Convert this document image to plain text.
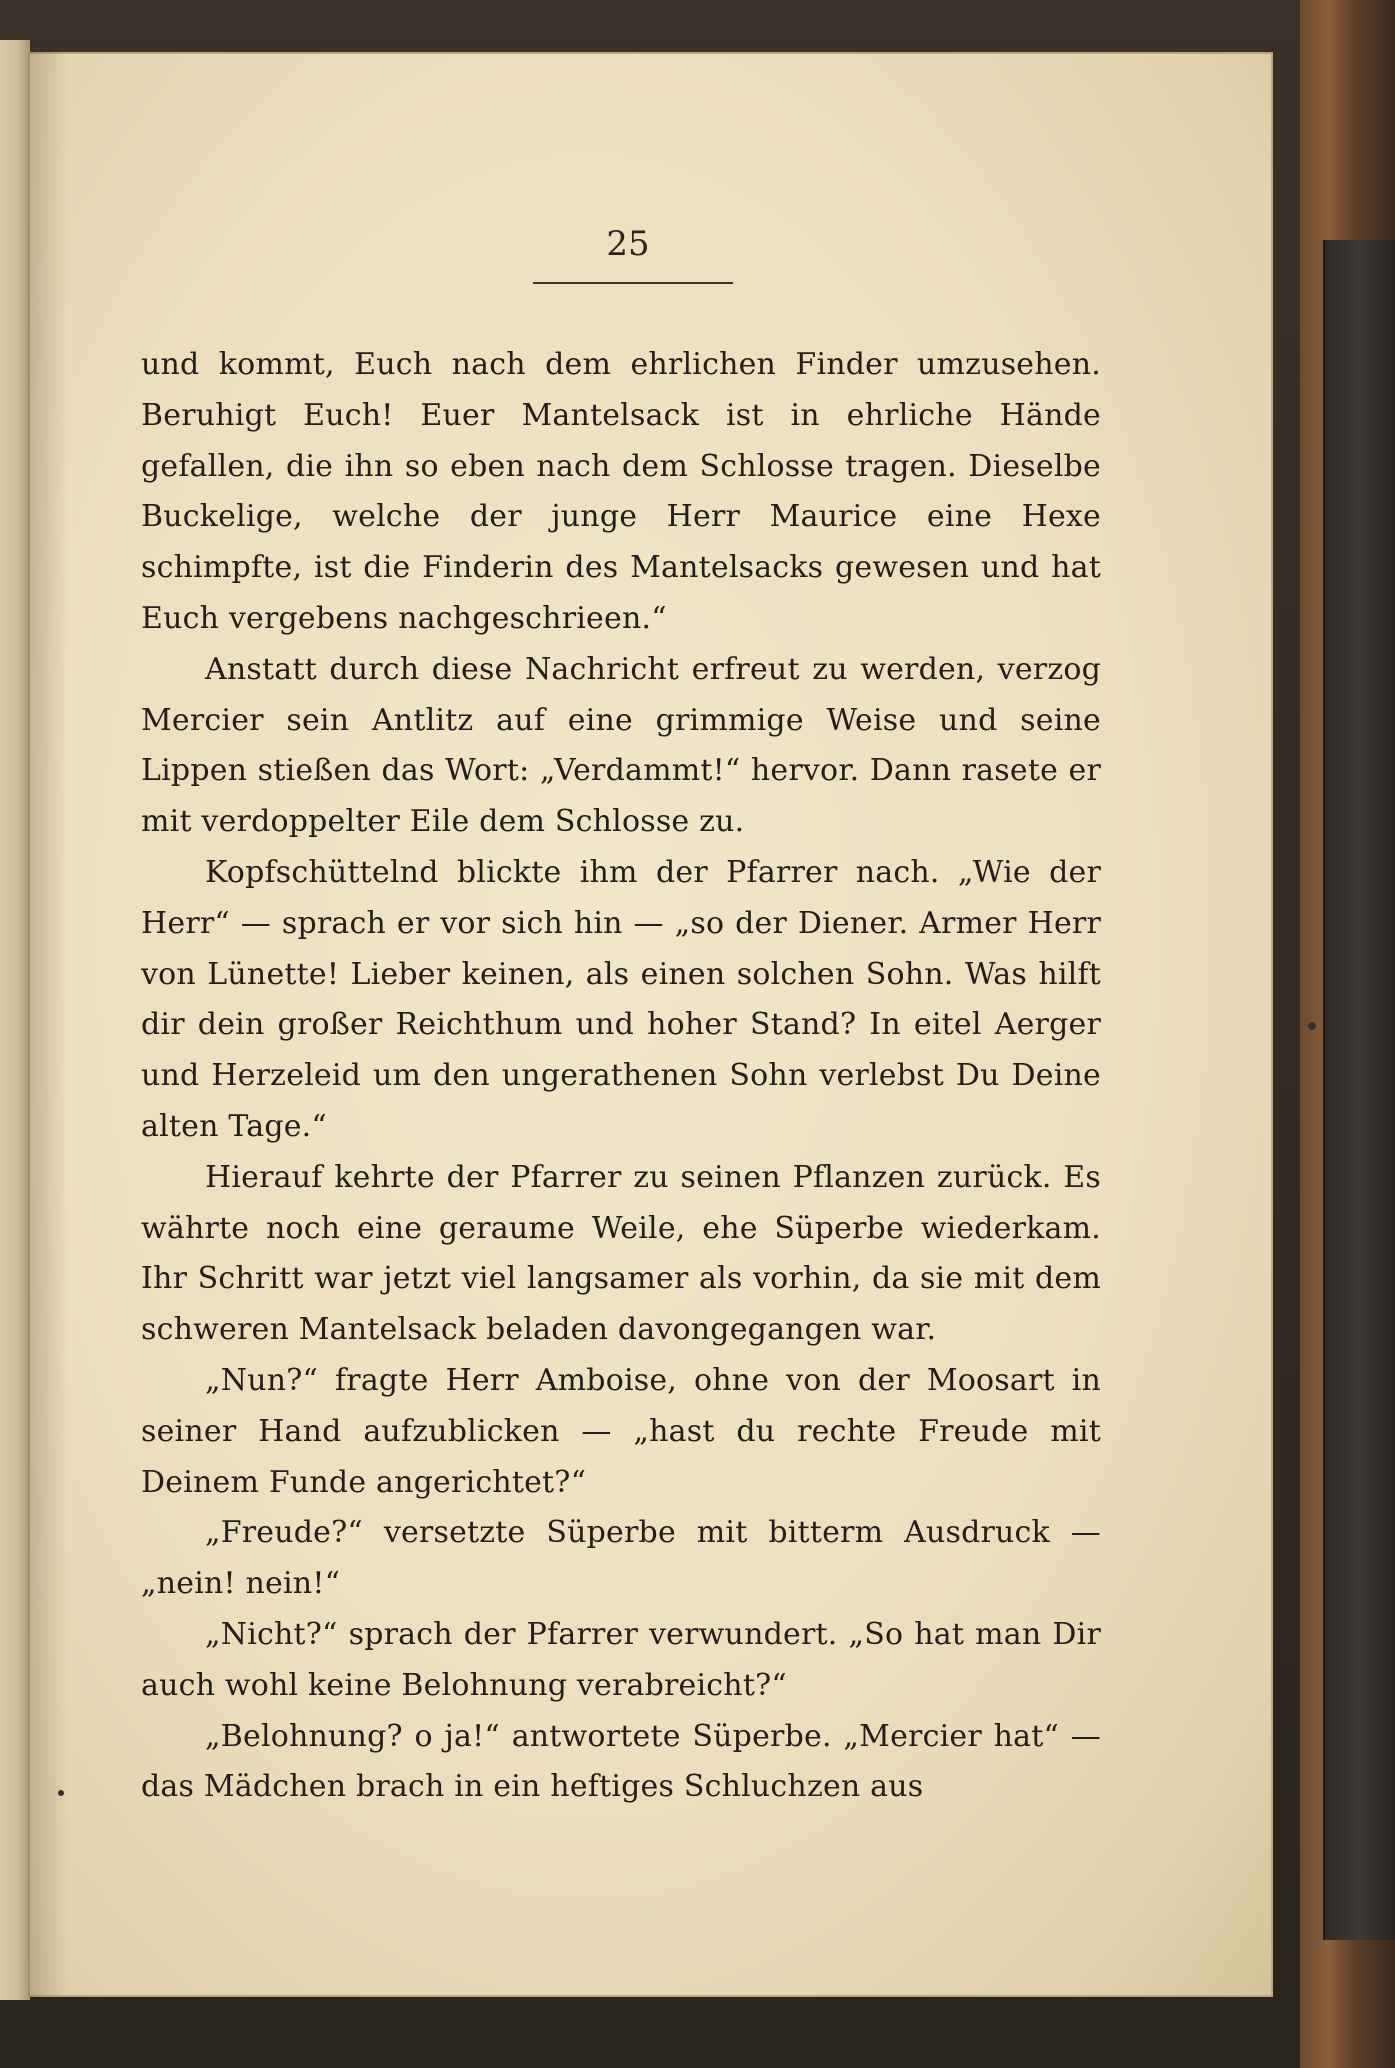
25

und kommt, Euch nach dem ehrlichen Finder umzusehen. Beruhigt Euch! Euer Mantelsack ist in ehrliche Hände gefallen, die ihn so eben nach dem Schlosse tragen. Dieselbe Buckelige, welche der junge Herr Maurice eine Hexe schimpfte, ist die Finderin des Mantelsacks gewesen und hat Euch vergebens nachgeschrieen.“

Anstatt durch diese Nachricht erfreut zu werden, verzog Mercier sein Antlitz auf eine grimmige Weise und seine Lippen stießen das Wort: „Verdammt!“ hervor. Dann rasete er mit verdoppelter Eile dem Schlosse zu.

Kopfschüttelnd blickte ihm der Pfarrer nach. „Wie der Herr“ — sprach er vor sich hin — „so der Diener. Armer Herr von Lünette! Lieber keinen, als einen solchen Sohn. Was hilft dir dein großer Reichthum und hoher Stand? In eitel Aerger und Herzeleid um den ungerathenen Sohn verlebst Du Deine alten Tage.“

Hierauf kehrte der Pfarrer zu seinen Pflanzen zurück. Es währte noch eine geraume Weile, ehe Süperbe wiederkam. Ihr Schritt war jetzt viel langsamer als vorhin, da sie mit dem schweren Mantelsack beladen davongegangen war.

„Nun?“ fragte Herr Amboise, ohne von der Moosart in seiner Hand aufzublicken — „hast du rechte Freude mit Deinem Funde angerichtet?“

„Freude?“ versetzte Süperbe mit bitterm Ausdruck — „nein! nein!“

„Nicht?“ sprach der Pfarrer verwundert. „So hat man Dir auch wohl keine Belohnung verabreicht?“

„Belohnung? o ja!“ antwortete Süperbe. „Mercier hat“ — das Mädchen brach in ein heftiges Schluchzen aus
